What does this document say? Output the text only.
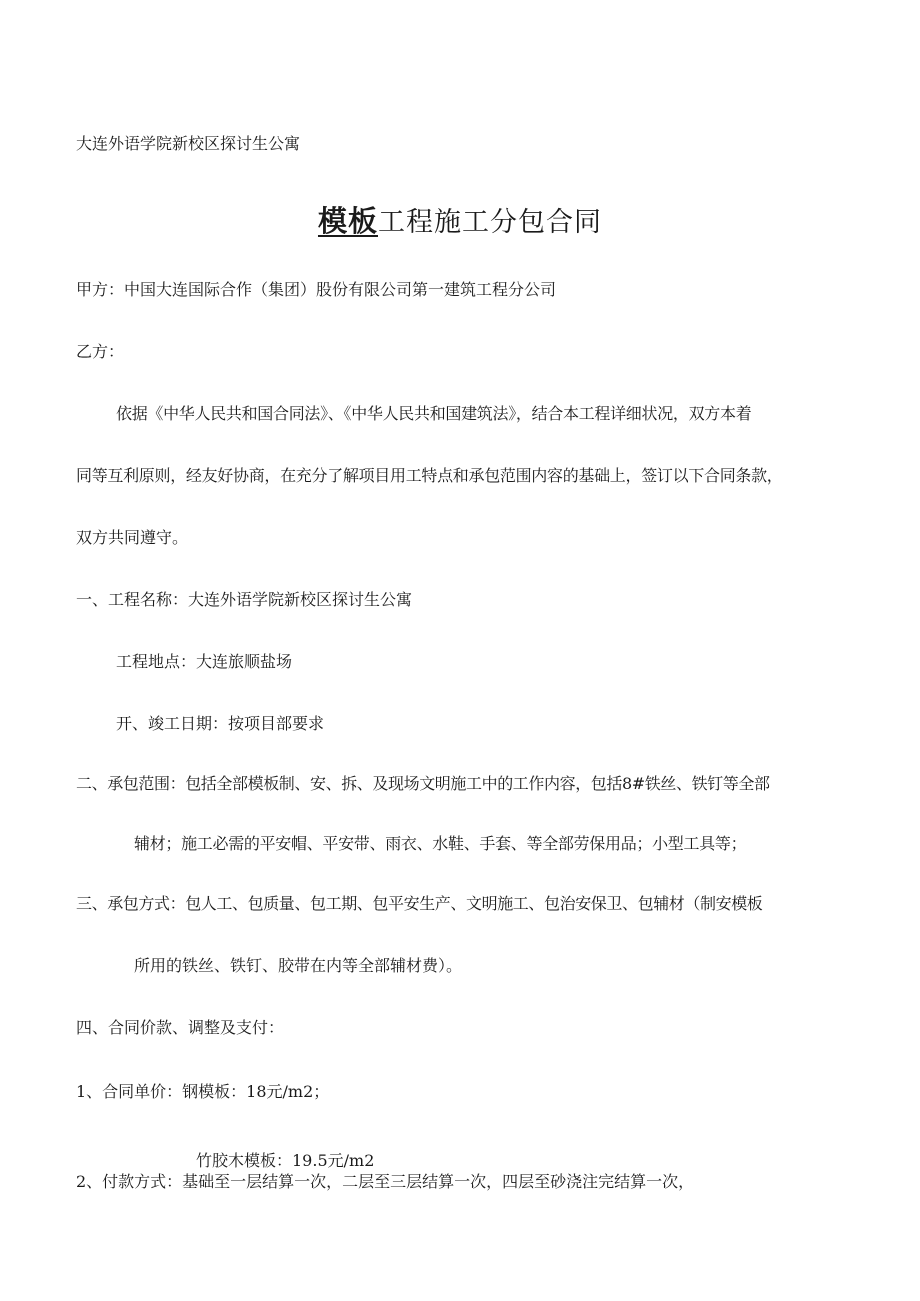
大连外语学院新校区探讨生公寓
模板工程施工分包合同
甲方：中国大连国际合作（集团）股份有限公司第一建筑工程分公司
乙方：
依据《中华人民共和国合同法》、《中华人民共和国建筑法》，结合本工程详细状况，双方本着
同等互利原则，经友好协商，在充分了解项目用工特点和承包范围内容的基础上，签订以下合同条款，
双方共同遵守。
一、工程名称：大连外语学院新校区探讨生公寓
工程地点：大连旅顺盐场
开、竣工日期：按项目部要求
二、承包范围：包括全部模板制、安、拆、及现场文明施工中的工作内容，包括8#铁丝、铁钉等全部
辅材；施工必需的平安帽、平安带、雨衣、水鞋、手套、等全部劳保用品；小型工具等；
三、承包方式：包人工、包质量、包工期、包平安生产、文明施工、包治安保卫、包辅材（制安模板
所用的铁丝、铁钉、胶带在内等全部辅材费）。
四、合同价款、调整及支付：
1、合同单价：钢模板：18元/m2；
竹胶木模板：19.5元/m2
2、付款方式：基础至一层结算一次，二层至三层结算一次，四层至砂浇注完结算一次，
